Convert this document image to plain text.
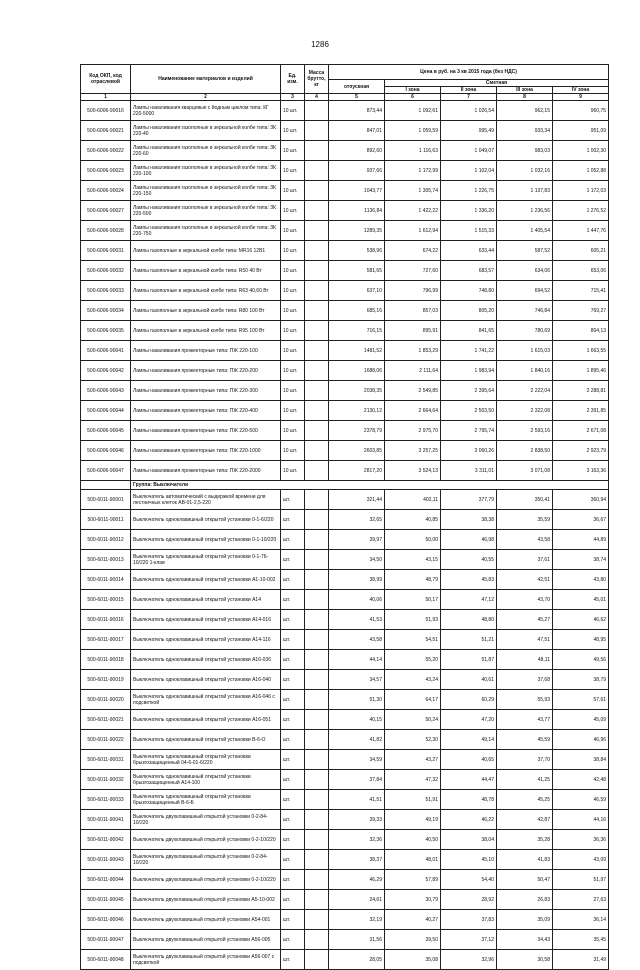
1286
Код ОКП, код отраслевой	Наименование материалов и изделий	Ед. изм.	Масса брутто, кг	Цена в руб. на 3 кв 2015 года (без НДС)				
				отпускная	Сметная			
					I зона	II зона	III зона	IV зона
1	2	3	4	5	6	7	8	9
500-6006-90016	Лампы накаливания кварцевые с йодным циклом типа: КГ 220-5000	10 шт.		873,44	1 092,61	1 026,54	962,15	960,75
500-6006-90021	Лампы накаливания газополные в зеркальной колбе типа: ЗК 220-40	10 шт.		847,01	1 059,59	995,49	933,34	951,09
500-6006-90022	Лампы накаливания газополные в зеркальной колбе типа: ЗК 220-60	10 шт.		892,60	1 116,63	1 049,07	983,03	1 002,30
500-6006-90023	Лампы накаливания газополные в зеркальной колбе типа: ЗК 220-100	10 шт.		937,66	1 172,99	1 102,04	1 032,16	1 052,88
500-6006-90024	Лампы накаливания газополные в зеркальной колбе типа: ЗК 220-150	10 шт.		1043,77	1 305,74	1 226,75	1 137,83	1 172,03
500-6006-90027	Лампы накаливания газополные в зеркальной колбе типа: ЗК 220-500	10 шт.		1136,84	1 422,22	1 336,20	1 236,56	1 276,52
500-6006-90028	Лампы накаливания газополные в зеркальной колбе типа: ЗК 220-750	10 шт.		1289,35	1 612,94	1 515,33	1 405,54	1 447,76
500-6006-90031	Лампы газополные в зеркальной колбе типа: МR16 12В1	10 шт.		538,96	674,22	633,44	587,52	605,21
500-6006-90032	Лампы газополные в зеркальной колбе типа: R50 40 Вт	10 шт.		581,65	727,60	683,57	634,06	653,06
500-6006-90033	Лампы газополные в зеркальной колбе типа: R63 40,60 Вт	10 шт.		637,10	796,99	748,80	694,52	715,41
500-6006-90034	Лампы газополные в зеркальной колбе типа: R80 100 Вт	10 шт.		685,16	857,03	805,20	746,84	769,27
500-6006-90035	Лампы газополные в зеркальной колбе типа: R95 100 Вт	10 шт.		716,15	895,91	841,65	780,69	804,13
500-6006-90041	Лампы накаливания прожекторные типа: ПЖ 220-100	10 шт.		1481,52	1 853,29	1 741,22	1 615,03	1 663,55
500-6006-90042	Лампы накаливания прожекторные типа: ПЖ 220-200	10 шт.		1688,06	2 111,64	1 983,94	1 840,16	1 895,46
500-6006-90043	Лампы накаливания прожекторные типа: ПЖ 220-300	10 шт.		2038,35	2 549,85	2 395,64	2 222,04	2 288,81
500-6006-90044	Лампы накаливания прожекторные типа: ПЖ 220-400	10 шт.		2130,12	2 664,64	2 503,50	2 322,08	2 391,85
500-6006-90045	Лампы накаливания прожекторные типа: ПЖ 220-500	10 шт.		2378,79	2 975,70	2 795,74	2 593,16	2 671,08
500-6006-90046	Лампы накаливания прожекторные типа: ПЖ 220-1000	10 шт.		2603,85	3 257,25	3 060,26	2 838,50	2 923,79
500-6006-90047	Лампы накаливания прожекторные типа: ПЖ 220-2000	10 шт.		2817,20	3 524,13	3 311,01	3 071,08	3 163,36
	Группа: Выключатели							
500-6011-90001	Выключатель автоматический с выдержкой времени для лестничных клеток АВ-01-2,5-220	шт.		321,44	402,11	377,79	350,41	360,94
500-6011-90011	Выключатель одноклавишный открытой установки 0-1-6/220	шт.		32,65	40,85	38,38	35,59	36,67
500-6011-90012	Выключатель одноклавишный открытой установки 0-1-10/220	шт.		39,97	50,00	46,98	43,58	44,89
500-6011-90013	Выключатель одноклавишный открытой установки 0-1-76-10/220 1-клав	шт.		34,50	43,15	40,55	37,61	38,74
500-6011-90014	Выключатель одноклавишный открытой установки А1-10-002	шт.		38,99	48,79	45,83	42,51	43,80
500-6011-90015	Выключатель одноклавишный открытой установки А14	шт.		40,06	50,17	47,12	43,70	45,01
500-6011-90016	Выключатель одноклавишный открытой установки А14-016	шт.		41,53	51,93	48,80	45,27	46,62
500-6011-90017	Выключатель одноклавишный открытой установки А14-116	шт.		43,58	54,51	51,21	47,51	48,95
500-6011-90018	Выключатель одноклавишный открытой установки А16-036	шт.		44,14	55,20	51,87	48,11	49,56
500-6011-90019	Выключатель одноклавишный открытой установки А16-040	шт.		34,57	43,24	40,61	37,68	38,79
500-6011-90020	Выключатель одноклавишный открытой установки А16-046 с подсветкой	шт.		51,30	64,17	60,29	55,93	57,61
500-6011-90021	Выключатель одноклавишный открытой установки А16-051	шт.		40,15	50,24	47,20	43,77	45,09
500-6011-90022	Выключатель одноклавишный открытой установки В-6-О	шт.		41,82	52,30	49,14	45,59	46,96
500-6011-90031	Выключатель одноклавишный открытой установки брызгозащищенный 04-6-01-6/220	шт.		34,59	43,27	40,65	37,70	38,84
500-6011-90032	Выключатель одноклавишный открытой установки брызгозащищенный А14-100	шт.		37,84	47,32	44,47	41,25	42,48
500-6011-90033	Выключатель одноклавишный открытой установки брызгозащищенный В-6-Б	шт.		41,51	51,91	48,78	45,25	46,59
500-6011-90041	Выключатель двухклавишный открытой установки 0-2-84-10/220	шт.		39,33	49,19	46,22	42,87	44,16
500-6011-90042	Выключатель двухклавишный открытой установки 0-2-10/220	шт.		32,36	40,50	38,04	35,28	36,36
500-6011-90043	Выключатель двухклавишный открытой установки 0-2-84-10/220	шт.		38,37	48,01	45,10	41,83	43,09
500-6011-90044	Выключатель двухклавишный открытой установки 0-2-10/220	шт.		46,29	57,89	54,40	50,47	51,97
500-6011-90045	Выключатель двухклавишный открытой установки А5-10-002	шт.		24,61	30,79	28,92	26,83	27,63
500-6011-90046	Выключатель двухклавишный открытой установки А54-001	шт.		32,19	40,27	37,83	35,09	36,14
500-6011-90047	Выключатель двухклавишный открытой установки А56-005	шт.		31,56	39,50	37,12	34,43	35,45
500-6011-90048	Выключатель двухклавишный открытой установки А56-007 с подсветкой	шт.		28,05	35,08	32,96	30,58	31,49
